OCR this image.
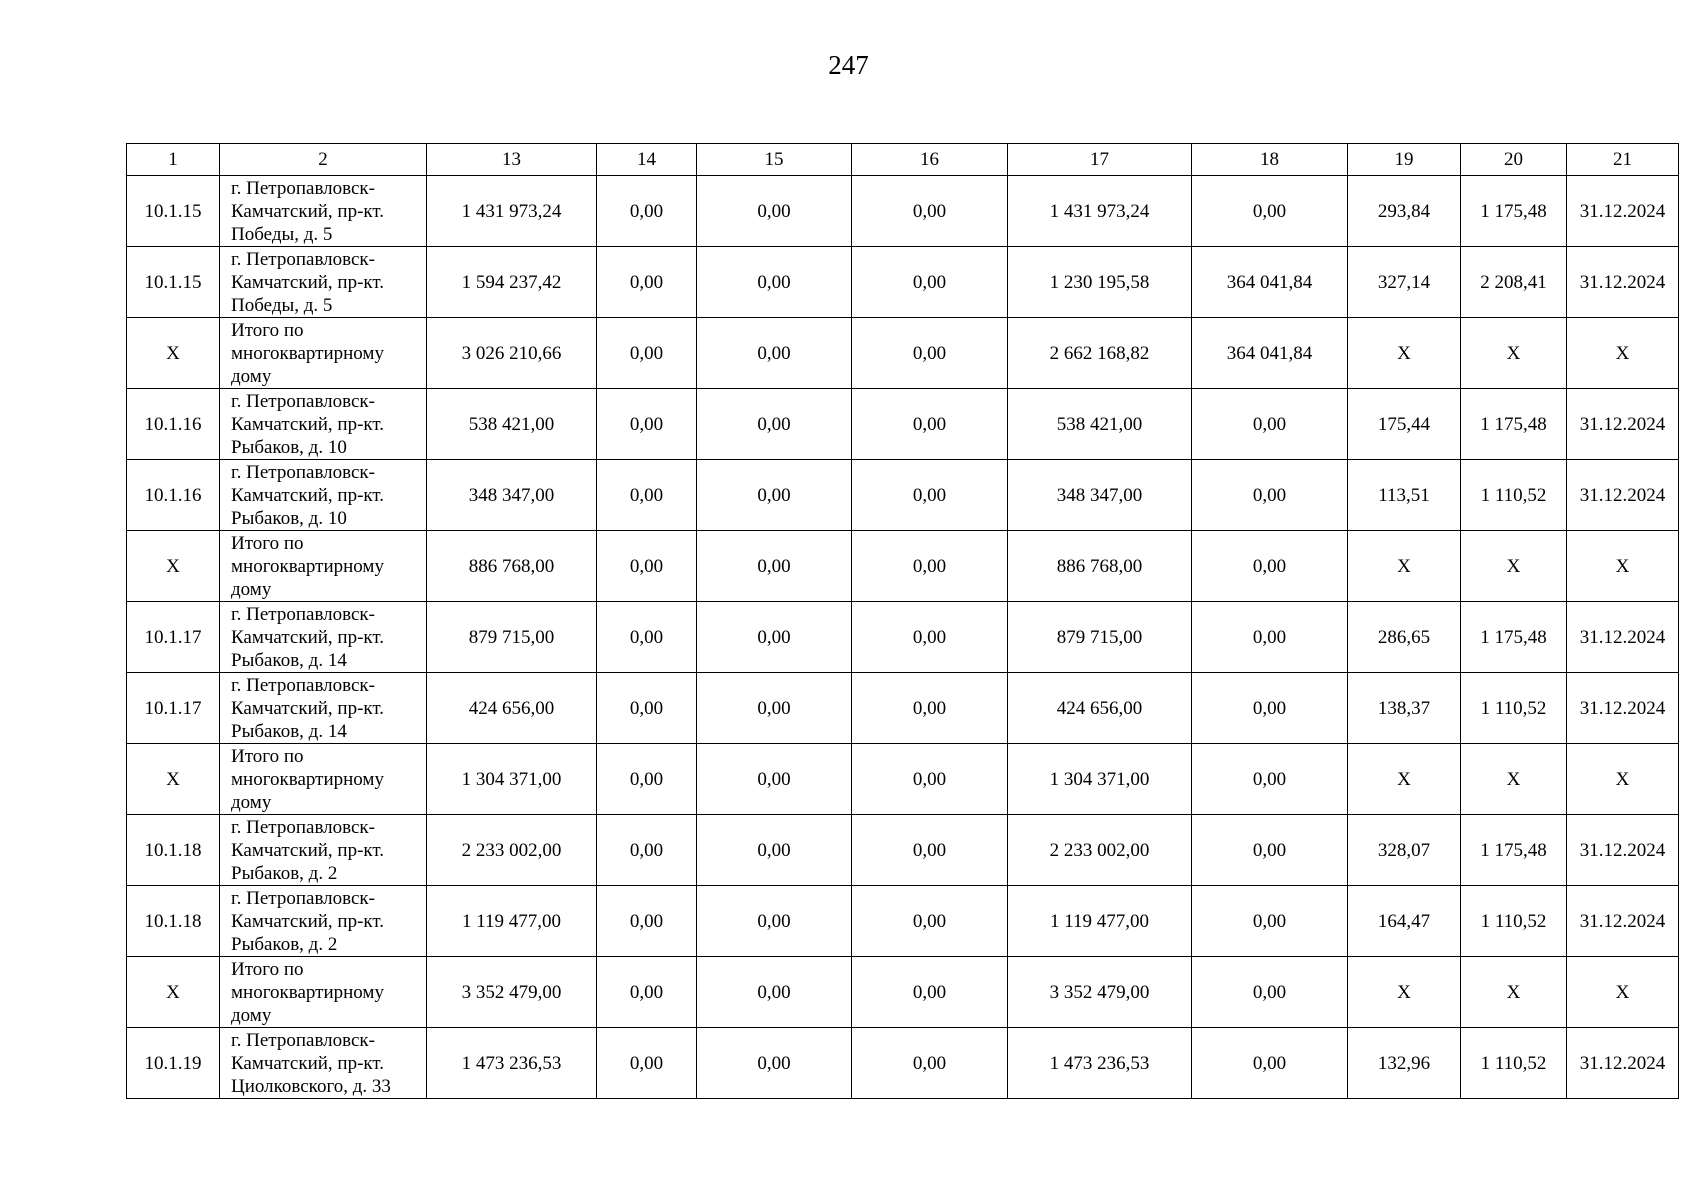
247
1	2	13	14	15	16	17	18	19	20	21
10.1.15	г. Петропавловск-
Камчатский, пр-кт.
Победы, д. 5	1 431 973,24	0,00	0,00	0,00	1 431 973,24	0,00	293,84	1 175,48	31.12.2024
10.1.15	г. Петропавловск-
Камчатский, пр-кт.
Победы, д. 5	1 594 237,42	0,00	0,00	0,00	1 230 195,58	364 041,84	327,14	2 208,41	31.12.2024
X	Итого по
многоквартирному
дому	3 026 210,66	0,00	0,00	0,00	2 662 168,82	364 041,84	X	X	X
10.1.16	г. Петропавловск-
Камчатский, пр-кт.
Рыбаков, д. 10	538 421,00	0,00	0,00	0,00	538 421,00	0,00	175,44	1 175,48	31.12.2024
10.1.16	г. Петропавловск-
Камчатский, пр-кт.
Рыбаков, д. 10	348 347,00	0,00	0,00	0,00	348 347,00	0,00	113,51	1 110,52	31.12.2024
X	Итого по
многоквартирному
дому	886 768,00	0,00	0,00	0,00	886 768,00	0,00	X	X	X
10.1.17	г. Петропавловск-
Камчатский, пр-кт.
Рыбаков, д. 14	879 715,00	0,00	0,00	0,00	879 715,00	0,00	286,65	1 175,48	31.12.2024
10.1.17	г. Петропавловск-
Камчатский, пр-кт.
Рыбаков, д. 14	424 656,00	0,00	0,00	0,00	424 656,00	0,00	138,37	1 110,52	31.12.2024
X	Итого по
многоквартирному
дому	1 304 371,00	0,00	0,00	0,00	1 304 371,00	0,00	X	X	X
10.1.18	г. Петропавловск-
Камчатский, пр-кт.
Рыбаков, д. 2	2 233 002,00	0,00	0,00	0,00	2 233 002,00	0,00	328,07	1 175,48	31.12.2024
10.1.18	г. Петропавловск-
Камчатский, пр-кт.
Рыбаков, д. 2	1 119 477,00	0,00	0,00	0,00	1 119 477,00	0,00	164,47	1 110,52	31.12.2024
X	Итого по
многоквартирному
дому	3 352 479,00	0,00	0,00	0,00	3 352 479,00	0,00	X	X	X
10.1.19	г. Петропавловск-
Камчатский, пр-кт.
Циолковского, д. 33	1 473 236,53	0,00	0,00	0,00	1 473 236,53	0,00	132,96	1 110,52	31.12.2024
